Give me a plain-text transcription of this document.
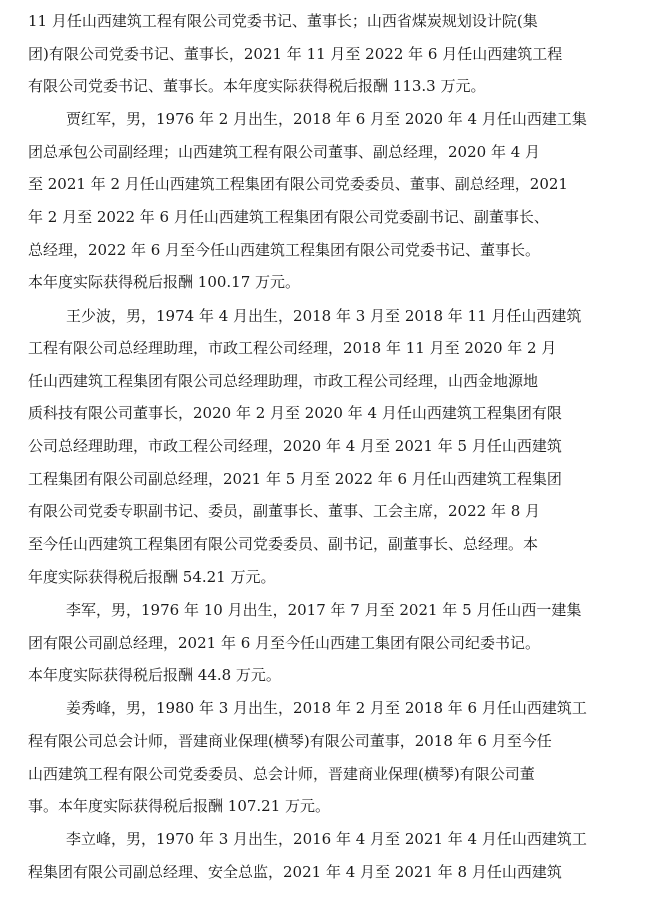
11 月任山西建筑工程有限公司党委书记、董事长；山西省煤炭规划设计院(集
团)有限公司党委书记、董事长，2021 年 11 月至 2022 年 6 月任山西建筑工程
有限公司党委书记、董事长。本年度实际获得税后报酬 113.3 万元。
贾红军，男，1976 年 2 月出生，2018 年 6 月至 2020 年 4 月任山西建工集
团总承包公司副经理；山西建筑工程有限公司董事、副总经理，2020 年 4 月
至 2021 年 2 月任山西建筑工程集团有限公司党委委员、董事、副总经理，2021
年 2 月至 2022 年 6 月任山西建筑工程集团有限公司党委副书记、副董事长、
总经理，2022 年 6 月至今任山西建筑工程集团有限公司党委书记、董事长。
本年度实际获得税后报酬 100.17 万元。
王少波，男，1974 年 4 月出生，2018 年 3 月至 2018 年 11 月任山西建筑
工程有限公司总经理助理，市政工程公司经理，2018 年 11 月至 2020 年 2 月
任山西建筑工程集团有限公司总经理助理，市政工程公司经理，山西金地源地
质科技有限公司董事长，2020 年 2 月至 2020 年 4 月任山西建筑工程集团有限
公司总经理助理，市政工程公司经理，2020 年 4 月至 2021 年 5 月任山西建筑
工程集团有限公司副总经理，2021 年 5 月至 2022 年 6 月任山西建筑工程集团
有限公司党委专职副书记、委员，副董事长、董事、工会主席，2022 年 8 月
至今任山西建筑工程集团有限公司党委委员、副书记，副董事长、总经理。本
年度实际获得税后报酬 54.21 万元。
李军，男，1976 年 10 月出生，2017 年 7 月至 2021 年 5 月任山西一建集
团有限公司副总经理，2021 年 6 月至今任山西建工集团有限公司纪委书记。
本年度实际获得税后报酬 44.8 万元。
姜秀峰，男，1980 年 3 月出生，2018 年 2 月至 2018 年 6 月任山西建筑工
程有限公司总会计师，晋建商业保理(横琴)有限公司董事，2018 年 6 月至今任
山西建筑工程有限公司党委委员、总会计师，晋建商业保理(横琴)有限公司董
事。本年度实际获得税后报酬 107.21 万元。
李立峰，男，1970 年 3 月出生，2016 年 4 月至 2021 年 4 月任山西建筑工
程集团有限公司副总经理、安全总监，2021 年 4 月至 2021 年 8 月任山西建筑
